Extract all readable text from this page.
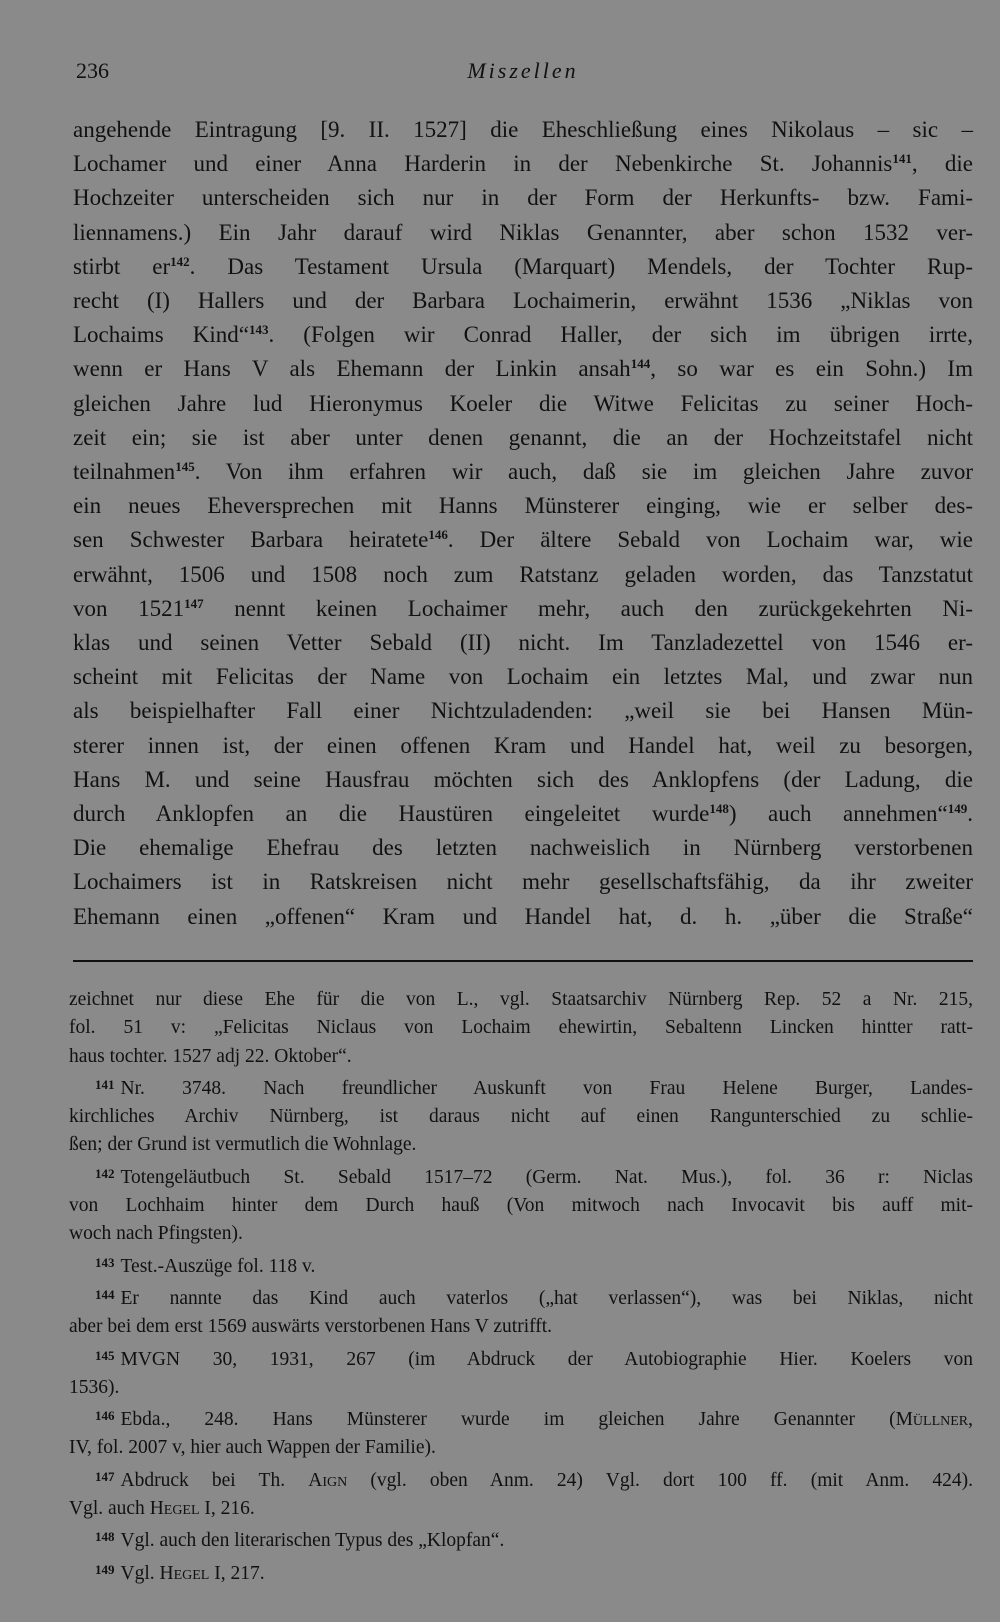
236	Miszellen
angehende Eintragung [9. II. 1527] die Eheschließung eines Nikolaus – sic –
Lochamer und einer Anna Harderin in der Nebenkirche St. Johannis$^{141}$, die
Hochzeiter unterscheiden sich nur in der Form der Herkunfts- bzw. Fami-
liennamens.) Ein Jahr darauf wird Niklas Genannter, aber schon 1532 ver-
stirbt $er^{142}$. Das Testament Ursula (Marquart) Mendels, der Tochter Rup-
recht (I) Hallers und der Barbara Lochaimerin, erwähnt 1536 „Niklas von
Lochaims Kind“$^{143}$. (Folgen wir Conrad Haller, der sich im übrigen irrte,
wenn er Hans V als Ehemann der Linkin ansah$^{144}$, so war es ein Sohn.) Im
gleichen Jahre lud Hieronymus Koeler die Witwe Felicitas zu seiner Hoch-
zeit ein; sie ist aber unter denen genannt, die an der Hochzeitstafel nicht
teilnahmen$^{145}$. Von ihm erfahren wir auch, daß sie im gleichen Jahre zuvor
ein neues Eheversprechen mit Hanns Münsterer einging, wie er selber des-
sen Schwester Barbara heiratete$^{146}$. Der ältere Sebald von Lochaim war, wie
erwähnt, 1506 und 1508 noch zum Ratstanz geladen worden, das Tanzstatut
von 1521$^{147}$ nennt keinen Lochaimer mehr, auch den zurückgekehrten Ni-
klas und seinen Vetter Sebald (II) nicht. Im Tanzladezettel von 1546 er-
scheint mit Felicitas der Name von Lochaim ein letztes Mal, und zwar nun
als beispielhafter Fall einer Nichtzuladenden: „weil sie bei Hansen Mün-
sterer innen ist, der einen offenen Kram und Handel hat, weil zu besorgen,
Hans M. und seine Hausfrau möchten sich des Anklopfens (der Ladung, die
durch Anklopfen an die Haustüren eingeleitet wurde$^{148}$) auch annehmen“$^{149}$.
Die ehemalige Ehefrau des letzten nachweislich in Nürnberg verstorbenen
Lochaimers ist in Ratskreisen nicht mehr gesellschaftsfähig, da ihr zweiter
Ehemann einen „offenen“ Kram und Handel hat, d. h. „über die Straße“
zeichnet nur diese Ehe für die von L., vgl. Staatsarchiv Nürnberg Rep. 52 a Nr. 215,
fol. 51 v: „Felicitas Niclaus von Lochaim ehewirtin, Sebaltenn Lincken hintter ratt-
haus tochter. 1527 adj 22. Oktober“.
$^{141}$ Nr. 3748. Nach freundlicher Auskunft von Frau Helene Burger, Landes-
kirchliches Archiv Nürnberg, ist daraus nicht auf einen Rangunterschied zu schlie-
ßen; der Grund ist vermutlich die Wohnlage.
$^{142}$ Totengeläutbuch St. Sebald 1517–72 (Germ. Nat. Mus.), fol. 36 r: Niclas
von Lochhaim hinter dem Durch hauß (Von mitwoch nach Invocavit bis auff mit-
woch nach Pfingsten).
$^{143}$ Test.-Auszüge fol. 118 v.
$^{144}$ Er nannte das Kind auch vaterlos („hat verlassen“), was bei Niklas, nicht
aber bei dem erst 1569 auswärts verstorbenen Hans V zutrifft.
$^{145}$ MVGN 30, 1931, 267 (im Abdruck der Autobiographie Hier. Koelers von
1536).
$^{146}$ Ebda., 248. Hans Münsterer wurde im gleichen Jahre Genannter (Müllner,
IV, fol. 2007 v, hier auch Wappen der Familie).
$^{147}$ Abdruck bei Th. Aign (vgl. oben Anm. 24) Vgl. dort 100 ff. (mit Anm. 424).
Vgl. auch Hegel I, 216.
$^{148}$ Vgl. auch den literarischen Typus des „Klopfan“.
$^{149}$ Vgl. Hegel I, 217.
